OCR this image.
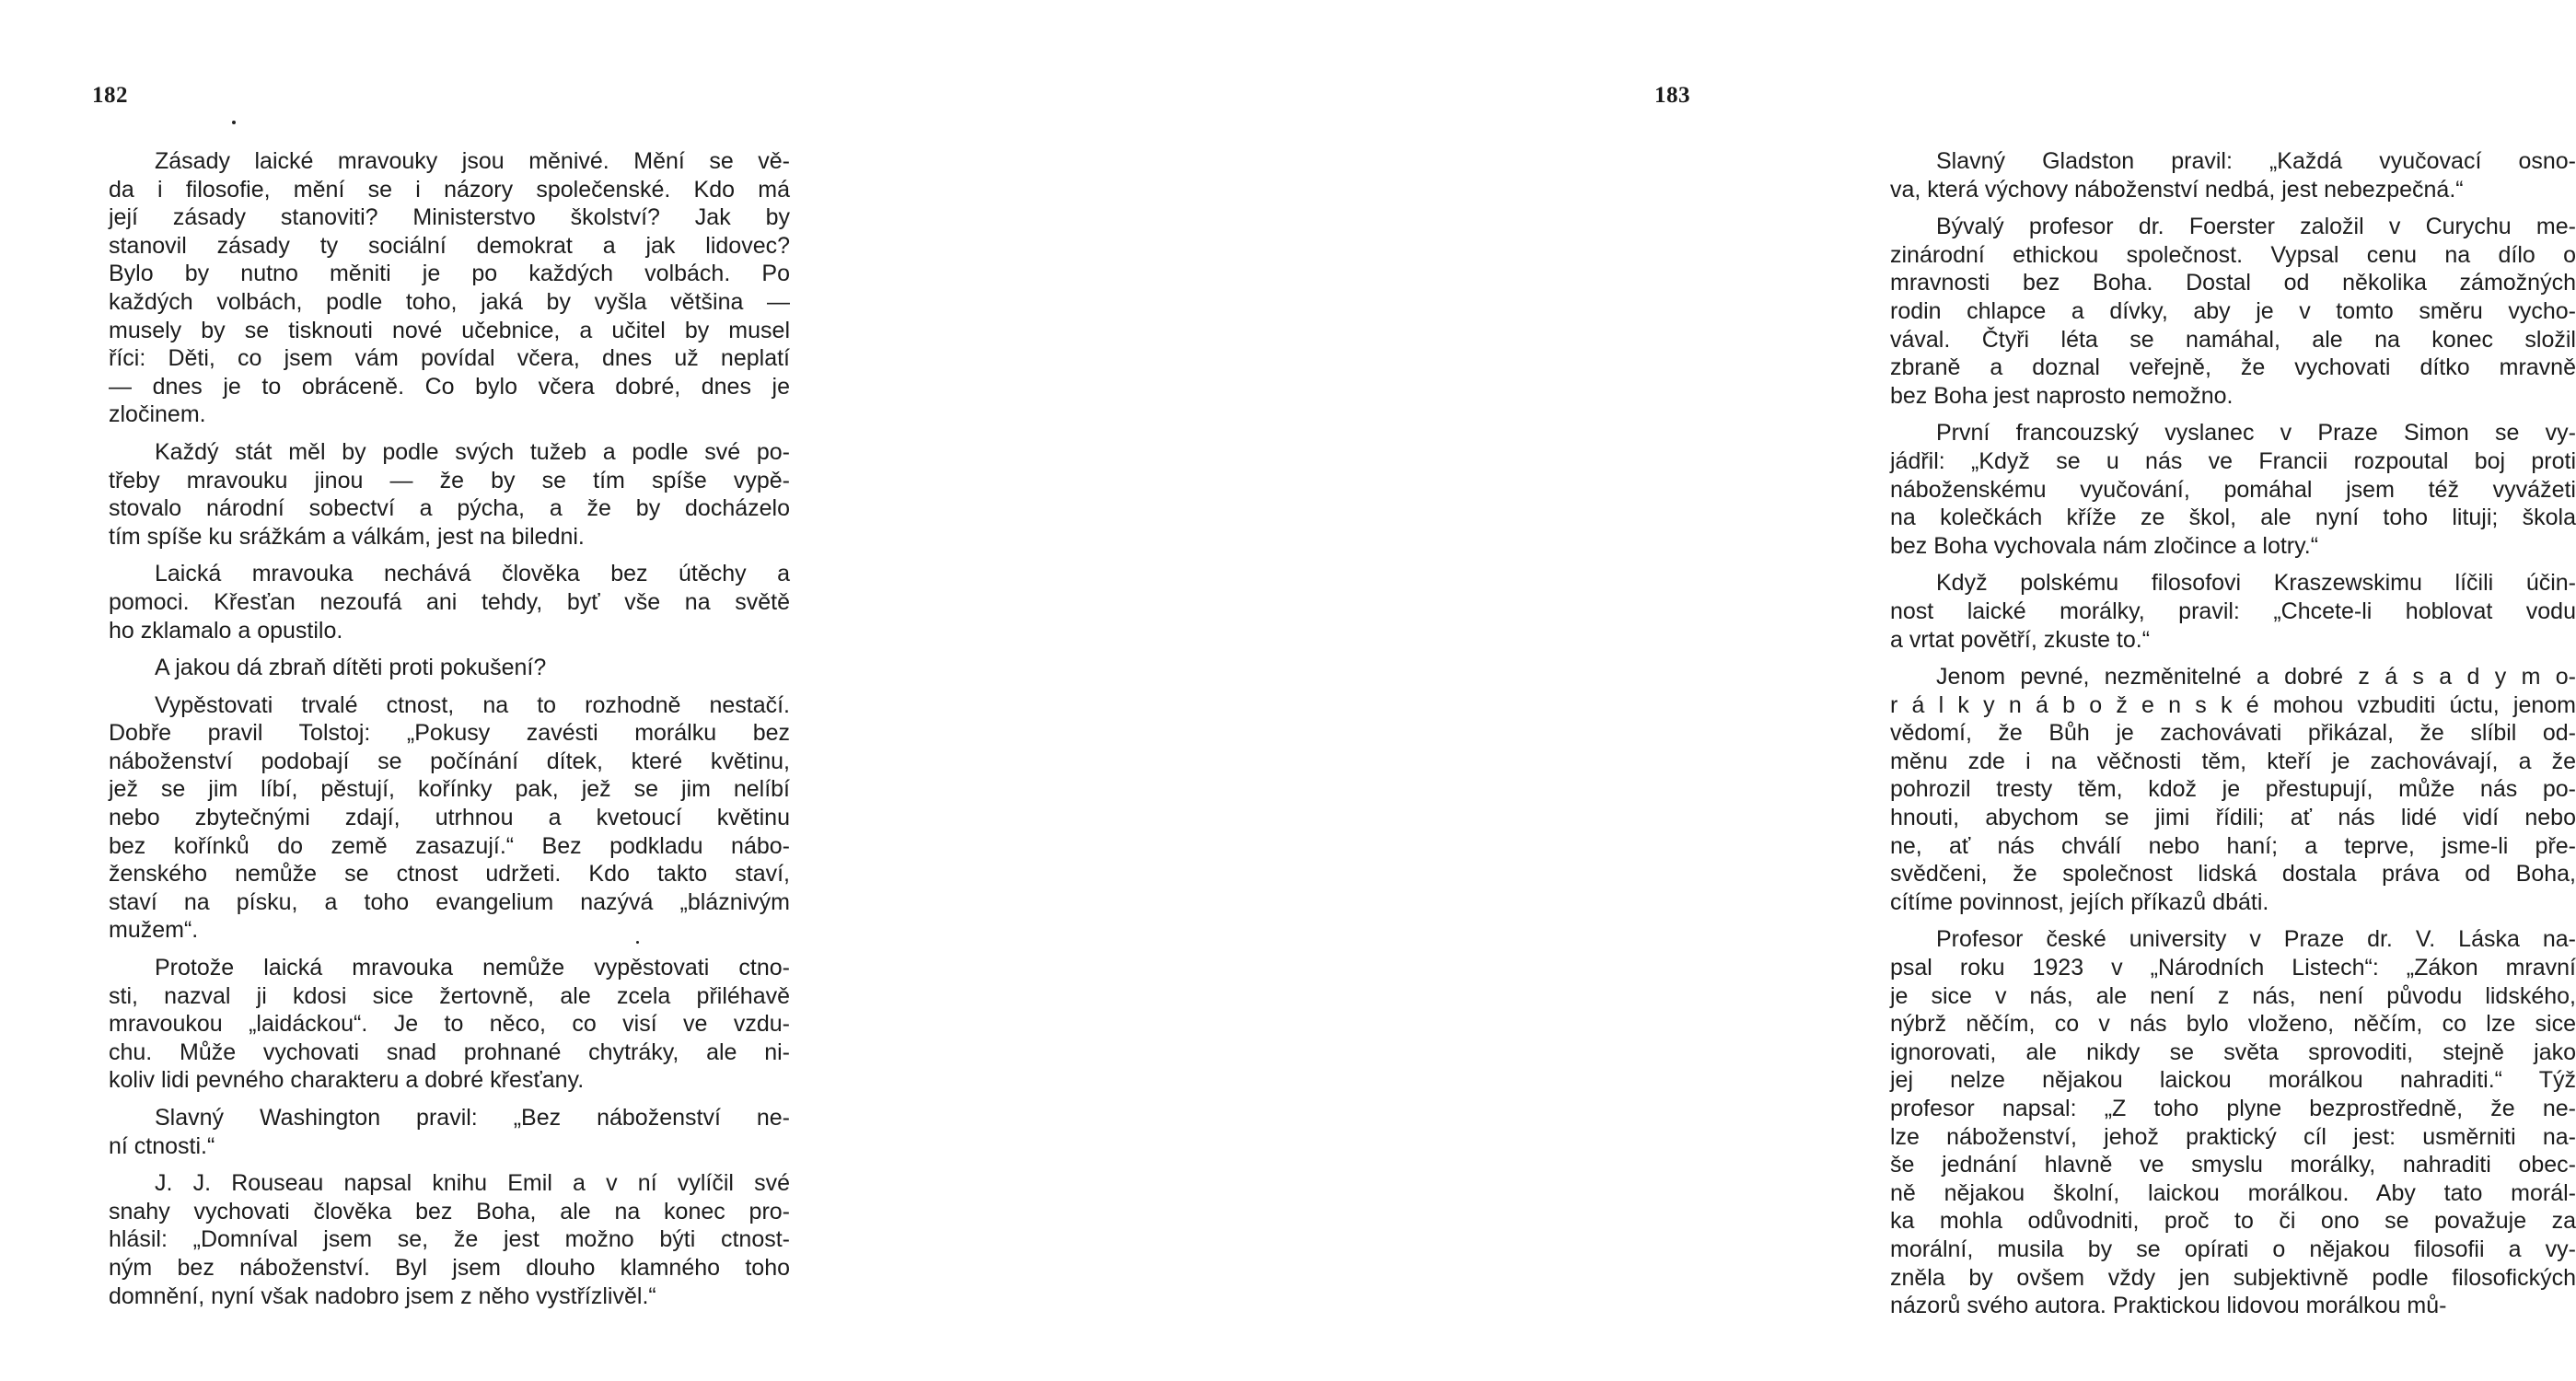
182
Zásady laické mravouky jsou měnivé. Mění se vě-
da i filosofie, mění se i názory společenské. Kdo má
její zásady stanoviti? Ministerstvo školství? Jak by
stanovil zásady ty sociální demokrat a jak lidovec?
Bylo by nutno měniti je po každých volbách. Po
každých volbách, podle toho, jaká by vyšla většina —
musely by se tisknouti nové učebnice, a učitel by musel
říci: Děti, co jsem vám povídal včera, dnes už neplatí
— dnes je to obráceně. Co bylo včera dobré, dnes je
zločinem.
Každý stát měl by podle svých tužeb a podle své po-
třeby mravouku jinou — že by se tím spíše vypě-
stovalo národní sobectví a pýcha, a že by docházelo
tím spíše ku srážkám a válkám, jest na biledni.
Laická mravouka nechává člověka bez útěchy a
pomoci. Křesťan nezoufá ani tehdy, byť vše na světě
ho zklamalo a opustilo.
A jakou dá zbraň dítěti proti pokušení?
Vypěstovati trvalé ctnost, na to rozhodně nestačí.
Dobře pravil Tolstoj: „Pokusy zavésti morálku bez
náboženství podobají se počínání dítek, které květinu,
jež se jim líbí, pěstují, kořínky pak, jež se jim nelíbí
nebo zbytečnými zdají, utrhnou a kvetoucí květinu
bez kořínků do země zasazují.“ Bez podkladu nábo-
ženského nemůže se ctnost udržeti. Kdo takto staví,
staví na písku, a toho evangelium nazývá „bláznivým
mužem“.
Protože laická mravouka nemůže vypěstovati ctno-
sti, nazval ji kdosi sice žertovně, ale zcela přiléhavě
mravoukou „laidáckou“. Je to něco, co visí ve vzdu-
chu. Může vychovati snad prohnané chytráky, ale ni-
koliv lidi pevného charakteru a dobré křesťany.
Slavný Washington pravil: „Bez náboženství ne-
ní ctnosti.“
J. J. Rouseau napsal knihu Emil a v ní vylíčil své
snahy vychovati člověka bez Boha, ale na konec pro-
hlásil: „Domníval jsem se, že jest možno býti ctnost-
ným bez náboženství. Byl jsem dlouho klamného toho
domnění, nyní však nadobro jsem z něho vystřízlivěl.“
183
Slavný Gladston pravil: „Každá vyučovací osno-
va, která výchovy náboženství nedbá, jest nebezpečná.“
Bývalý profesor dr. Foerster založil v Curychu me-
zinárodní ethickou společnost. Vypsal cenu na dílo o
mravnosti bez Boha. Dostal od několika zámožných
rodin chlapce a dívky, aby je v tomto směru vycho-
vával. Čtyři léta se namáhal, ale na konec složil
zbraně a doznal veřejně, že vychovati dítko mravně
bez Boha jest naprosto nemožno.
První francouzský vyslanec v Praze Simon se vy-
jádřil: „Když se u nás ve Francii rozpoutal boj proti
náboženskému vyučování, pomáhal jsem též vyvážeti
na kolečkách kříže ze škol, ale nyní toho lituji; škola
bez Boha vychovala nám zločince a lotry.“
Když polskému filosofovi Kraszewskimu líčili účin-
nost laické morálky, pravil: „Chcete-li hoblovat vodu
a vrtat povětří, zkuste to.“
Jenom pevné, nezměnitelné a dobré z á s a d y m o-
r á l k y n á b o ž e n s k é mohou vzbuditi úctu, jenom
vědomí, že Bůh je zachovávati přikázal, že slíbil od-
měnu zde i na věčnosti těm, kteří je zachovávají, a že
pohrozil tresty těm, kdož je přestupují, může nás po-
hnouti, abychom se jimi řídili; ať nás lidé vidí nebo
ne, ať nás chválí nebo haní; a teprve, jsme-li pře-
svědčeni, že společnost lidská dostala práva od Boha,
cítíme povinnost, jejích příkazů dbáti.
Profesor české university v Praze dr. V. Láska na-
psal roku 1923 v „Národních Listech“: „Zákon mravní
je sice v nás, ale není z nás, není původu lidského,
nýbrž něčím, co v nás bylo vloženo, něčím, co lze sice
ignorovati, ale nikdy se světa sprovoditi, stejně jako
jej nelze nějakou laickou morálkou nahraditi.“ Týž
profesor napsal: „Z toho plyne bezprostředně, že ne-
lze náboženství, jehož praktický cíl jest: usměrniti na-
še jednání hlavně ve smyslu morálky, nahraditi obec-
ně nějakou školní, laickou morálkou. Aby tato morál-
ka mohla odůvodniti, proč to či ono se považuje za
morální, musila by se opírati o nějakou filosofii a vy-
zněla by ovšem vždy jen subjektivně podle filosofických
názorů svého autora. Praktickou lidovou morálkou mů-
